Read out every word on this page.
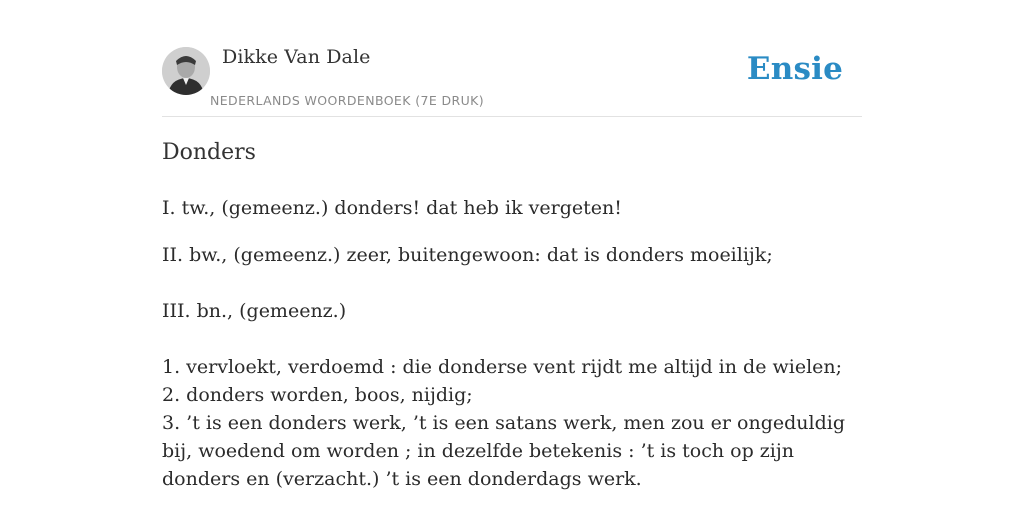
Dikke Van Dale
NEDERLANDS WOORDENBOEK (7E DRUK)
Ensie
Donders

I. tw., (gemeenz.) donders! dat heb ik vergeten!

II. bw., (gemeenz.) zeer, buitengewoon: dat is donders moeilijk;

III. bn., (gemeenz.)

1. vervloekt, verdoemd : die donderse vent rijdt me altijd in de wielen;
2. donders worden, boos, nijdig;
3. ’t is een donders werk, ’t is een satans werk, men zou er ongeduldig bij, woedend om worden ; in dezelfde betekenis : ’t is toch op zijn donders en (verzacht.) ’t is een donderdags werk.
